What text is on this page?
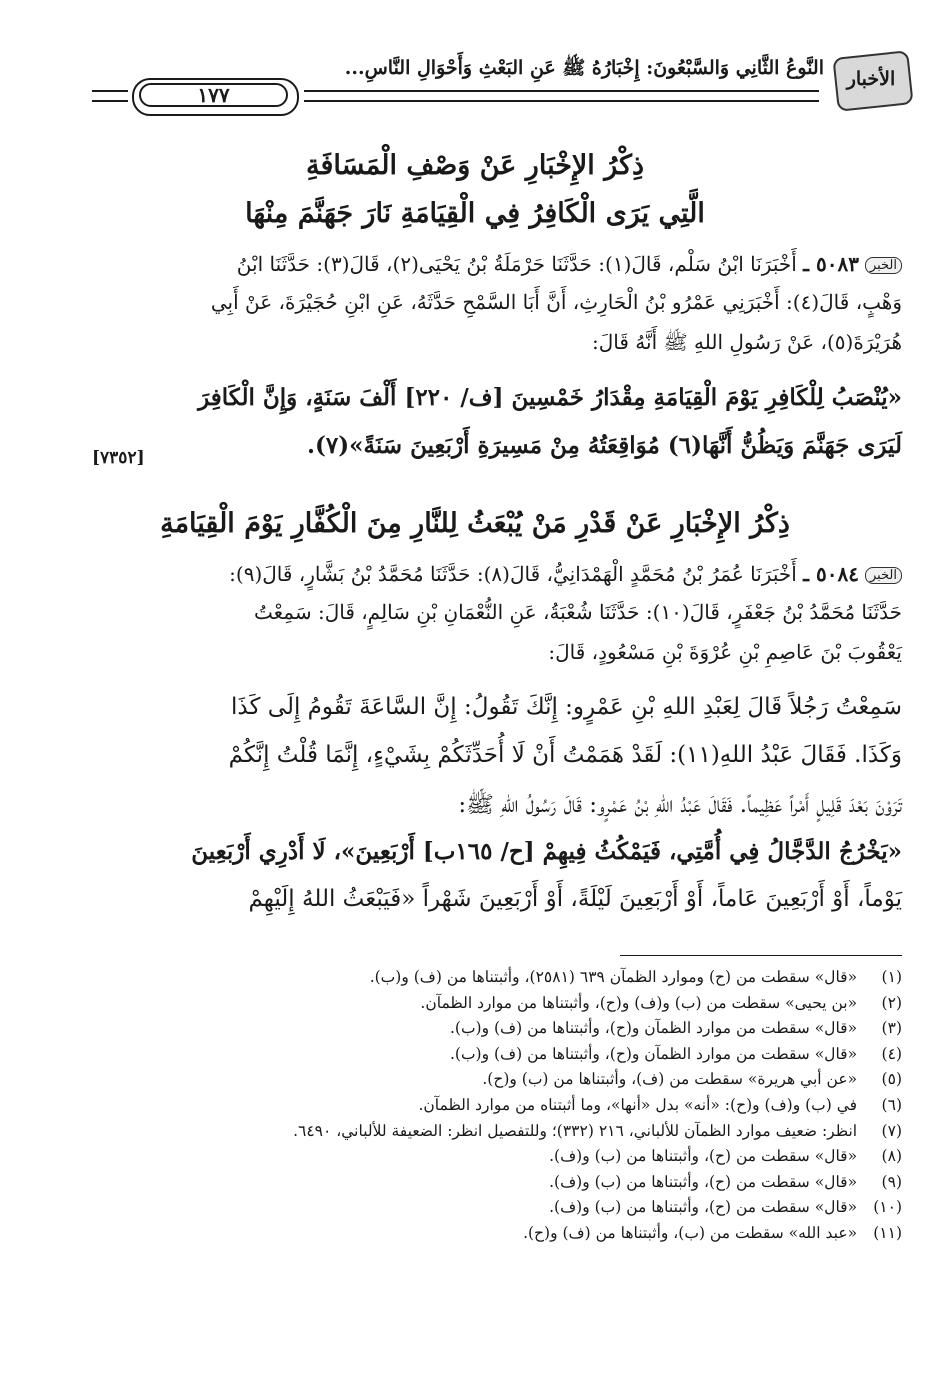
١٧٧
النَّوعُ الثَّانِي وَالسَّبْعُونَ: إِخْبَارُهُ ﷺ عَنِ البَعْثِ وَأَحْوَالِ النَّاسِ...	الأخبار
ذِكْرُ الإِخْبَارِ عَنْ وَصْفِ الْمَسَافَةِ
الَّتِي يَرَى الْكَافِرُ فِي الْقِيَامَةِ نَارَ جَهَنَّمَ مِنْهَا
الخبر٥٠٨٣ ـ أَخْبَرَنَا ابْنُ سَلْم، قَالَ(١): حَدَّثَنَا حَرْمَلَةُ بْنُ يَحْيَى(٢)، قَالَ(٣): حَدَّثَنَا ابْنُ
وَهْبٍ، قَالَ(٤): أَخْبَرَنِي عَمْرُو بْنُ الْحَارِثِ، أَنَّ أَبَا السَّمْحِ حَدَّثَهُ، عَنِ ابْنِ حُجَيْرَةَ، عَنْ أَبِي
هُرَيْرَةَ(٥)، عَنْ رَسُولِ اللهِ ﷺ أَنَّهُ قَالَ:
«يُنْصَبُ لِلْكَافِرِ يَوْمَ الْقِيَامَةِ مِقْدَارُ خَمْسِينَ [ف/ ٢٢٠] أَلْفَ سَنَةٍ، وَإِنَّ الْكَافِرَ
لَيَرَى جَهَنَّمَ وَيَظُنُّ أَنَّهَا(٦) مُوَاقِعَتُهُ مِنْ مَسِيرَةِ أَرْبَعِينَ سَنَةً»(٧).
[٧٣٥٢]
ذِكْرُ الإِخْبَارِ عَنْ قَدْرِ مَنْ يُبْعَثُ لِلنَّارِ مِنَ الْكُفَّارِ يَوْمَ الْقِيَامَةِ
الخبر٥٠٨٤ ـ أَخْبَرَنَا عُمَرُ بْنُ مُحَمَّدٍ الْهَمْدَانِيُّ، قَالَ(٨): حَدَّثَنَا مُحَمَّدُ بْنُ بَشَّارٍ، قَالَ(٩):
حَدَّثَنَا مُحَمَّدُ بْنُ جَعْفَرٍ، قَالَ(١٠): حَدَّثَنَا شُعْبَةُ، عَنِ النُّعْمَانِ بْنِ سَالِمٍ، قَالَ: سَمِعْتُ
يَعْقُوبَ بْنَ عَاصِمِ بْنِ عُرْوَةَ بْنِ مَسْعُودٍ، قَالَ:
سَمِعْتُ رَجُلاً قَالَ لِعَبْدِ اللهِ بْنِ عَمْرٍو: إِنَّكَ تَقُولُ: إِنَّ السَّاعَةَ تَقُومُ إِلَى كَذَا
وَكَذَا. فَقَالَ عَبْدُ اللهِ(١١): لَقَدْ هَمَمْتُ أَنْ لَا أُحَدِّثَكُمْ بِشَيْءٍ، إِنَّمَا قُلْتُ إِنَّكُمْ
تَرَوْنَ بَعْدَ قَلِيلٍ أَمْراً عَظِيماً. فَقَالَ عَبْدُ اللهِ بْنُ عَمْرٍو: قَالَ رَسُولُ اللهِ ﷺ:
«يَخْرُجُ الدَّجَّالُ فِي أُمَّتِي، فَيَمْكُثُ فِيهِمْ [ح/ ١٦٥ب] أَرْبَعِينَ»، لَا أَدْرِي أَرْبَعِينَ
يَوْماً، أَوْ أَرْبَعِينَ عَاماً، أَوْ أَرْبَعِينَ لَيْلَةً، أَوْ أَرْبَعِينَ شَهْراً «فَيَبْعَثُ اللهُ إِلَيْهِمْ
(١) «قال» سقطت من (ح) وموارد الظمآن ٦٣٩ (٢٥٨١)، وأثبتناها من (ف) و(ب).
(٢) «بن يحيى» سقطت من (ب) و(ف) و(ح)، وأثبتناها من موارد الظمآن.
(٣) «قال» سقطت من موارد الظمآن و(ح)، وأثبتناها من (ف) و(ب).
(٤) «قال» سقطت من موارد الظمآن و(ح)، وأثبتناها من (ف) و(ب).
(٥) «عن أبي هريرة» سقطت من (ف)، وأثبتناها من (ب) و(ح).
(٦) في (ب) و(ف) و(ح): «أنه» بدل «أنها»، وما أثبتناه من موارد الظمآن.
(٧) انظر: ضعيف موارد الظمآن للألباني، ٢١٦ (٣٣٢)؛ وللتفصيل انظر: الضعيفة للألباني، ٦٤٩٠.
(٨) «قال» سقطت من (ح)، وأثبتناها من (ب) و(ف).
(٩) «قال» سقطت من (ح)، وأثبتناها من (ب) و(ف).
(١٠) «قال» سقطت من (ح)، وأثبتناها من (ب) و(ف).
(١١) «عبد الله» سقطت من (ب)، وأثبتناها من (ف) و(ح).
